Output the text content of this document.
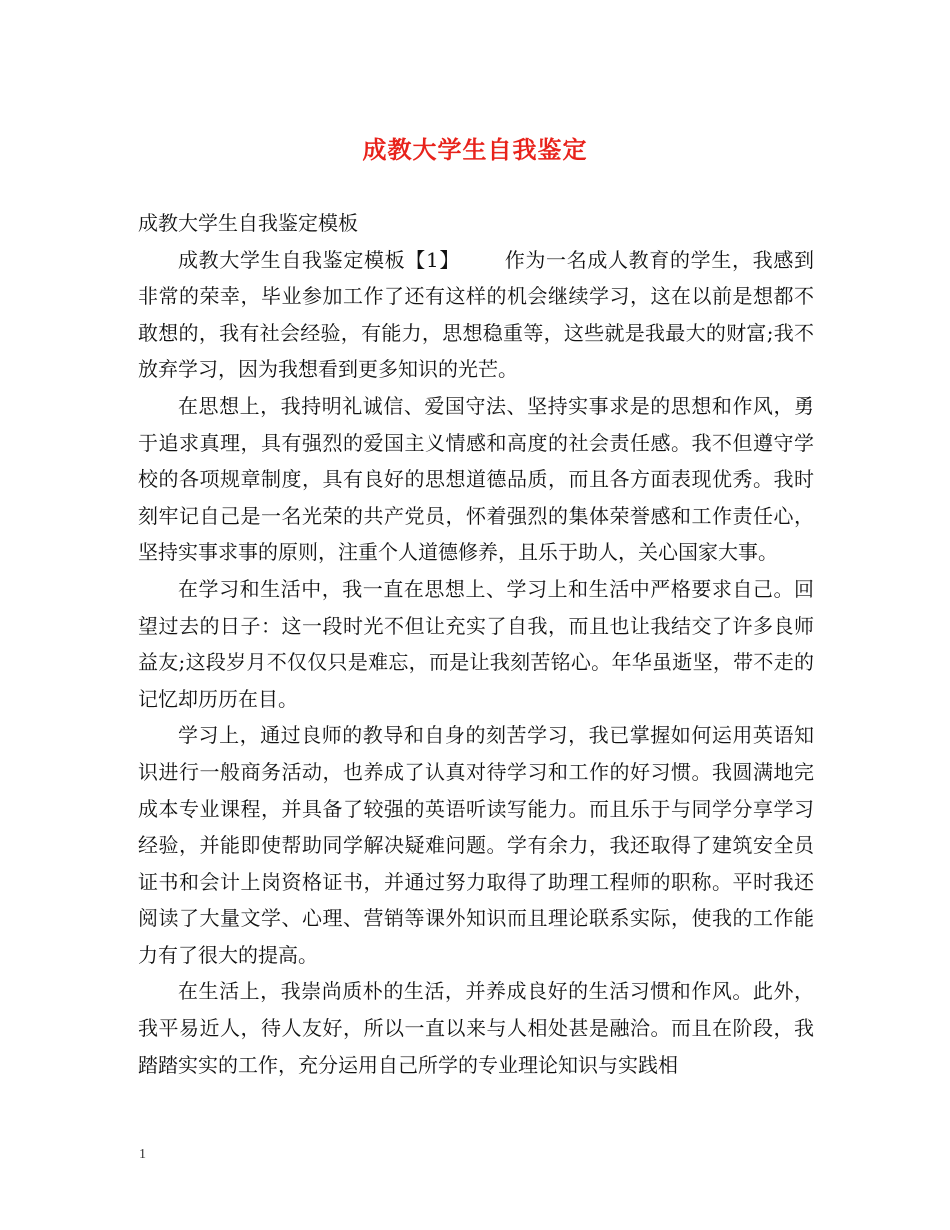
成教大学生自我鉴定

成教大学生自我鉴定模板

成教大学生自我鉴定模板【1】 作为一名成人教育的学生，我感到非常的荣幸，毕业参加工作了还有这样的机会继续学习，这在以前是想都不敢想的，我有社会经验，有能力，思想稳重等，这些就是我最大的财富;我不放弃学习，因为我想看到更多知识的光芒。

在思想上，我持明礼诚信、爱国守法、坚持实事求是的思想和作风，勇于追求真理，具有强烈的爱国主义情感和高度的社会责任感。我不但遵守学校的各项规章制度，具有良好的思想道德品质，而且各方面表现优秀。我时刻牢记自己是一名光荣的共产党员，怀着强烈的集体荣誉感和工作责任心，坚持实事求事的原则，注重个人道德修养，且乐于助人，关心国家大事。

在学习和生活中，我一直在思想上、学习上和生活中严格要求自己。回望过去的日子：这一段时光不但让充实了自我，而且也让我结交了许多良师益友;这段岁月不仅仅只是难忘，而是让我刻苦铭心。年华虽逝坚，带不走的记忆却历历在目。

学习上，通过良师的教导和自身的刻苦学习，我已掌握如何运用英语知识进行一般商务活动，也养成了认真对待学习和工作的好习惯。我圆满地完成本专业课程，并具备了较强的英语听读写能力。而且乐于与同学分享学习经验，并能即使帮助同学解决疑难问题。学有余力，我还取得了建筑安全员证书和会计上岗资格证书，并通过努力取得了助理工程师的职称。平时我还阅读了大量文学、心理、营销等课外知识而且理论联系实际，使我的工作能力有了很大的提高。

在生活上，我崇尚质朴的生活，并养成良好的生活习惯和作风。此外，我平易近人，待人友好，所以一直以来与人相处甚是融洽。而且在阶段，我踏踏实实的工作，充分运用自己所学的专业理论知识与实践相

1
